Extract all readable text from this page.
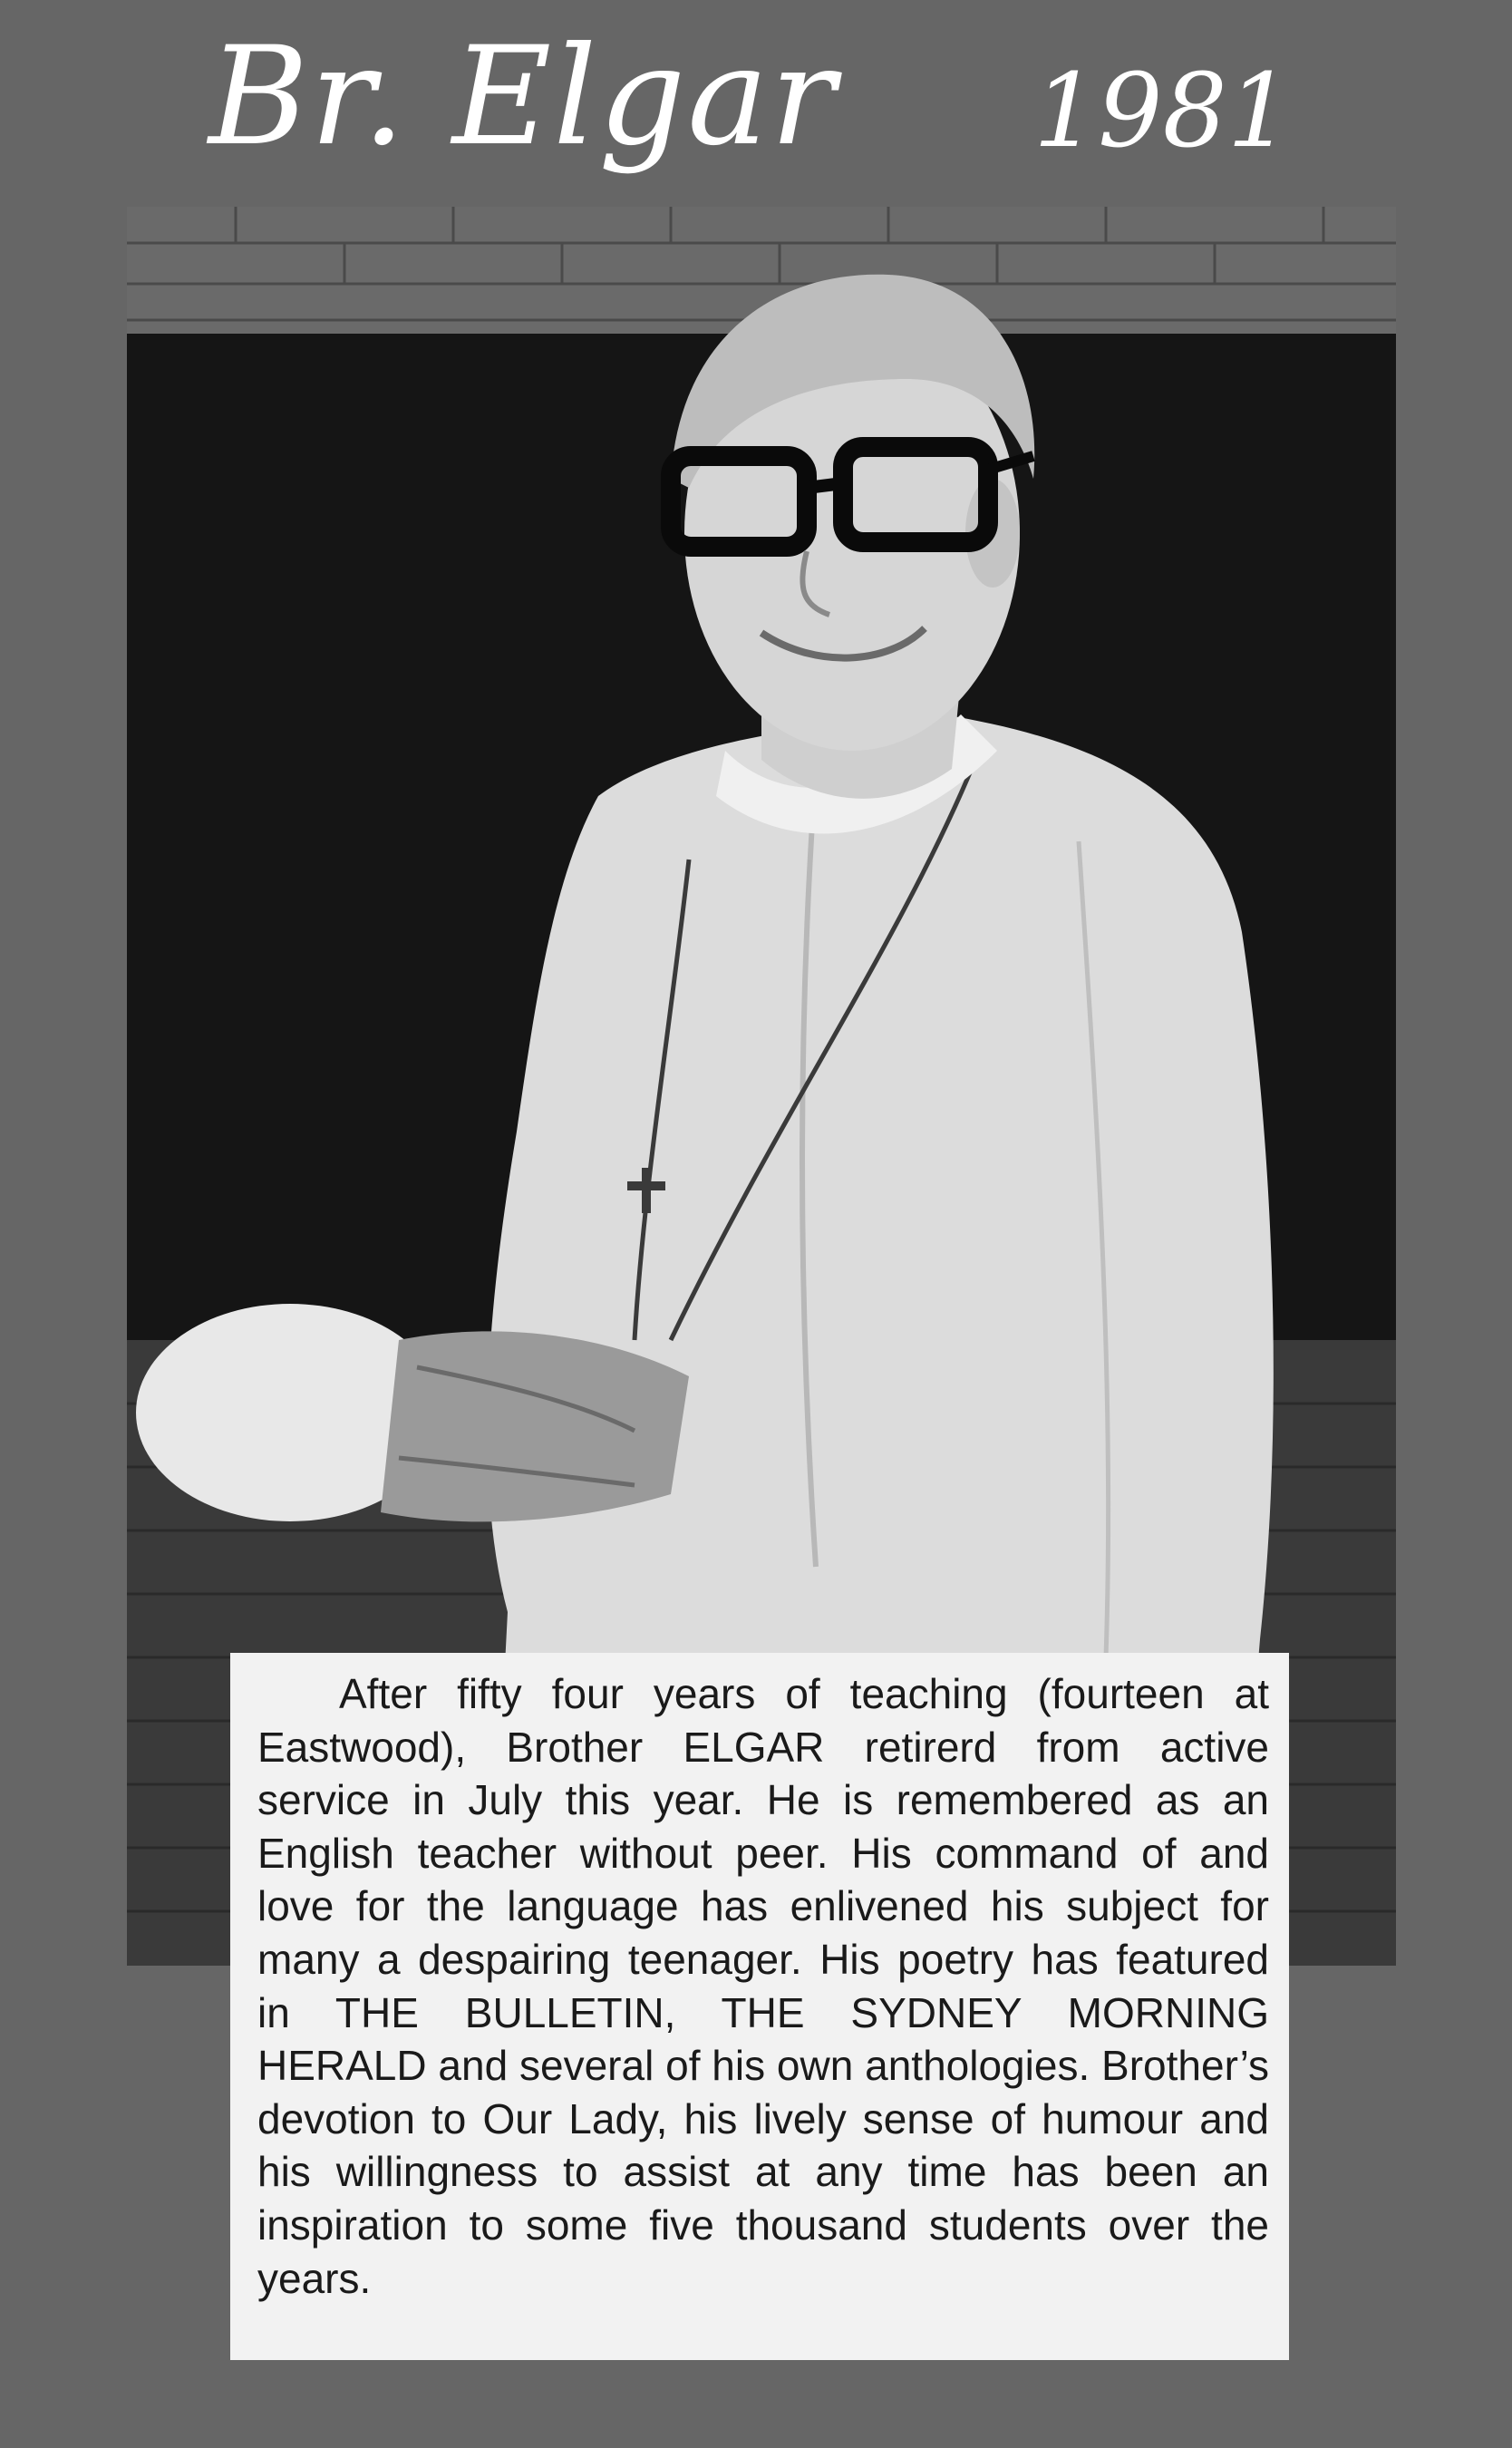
Br. Elgar 1981

After fifty four years of teaching (fourteen at Eastwood), Brother ELGAR retirerd from active service in July this year. He is remembered as an English teacher without peer. His command of and love for the language has enlivened his subject for many a despairing teenager. His poetry has featured in THE BULLETIN, THE SYDNEY MORNING HERALD and several of his own anthologies. Brother’s devotion to Our Lady, his lively sense of humour and his willingness to assist at any time has been an inspiration to some five thousand students over the years.
